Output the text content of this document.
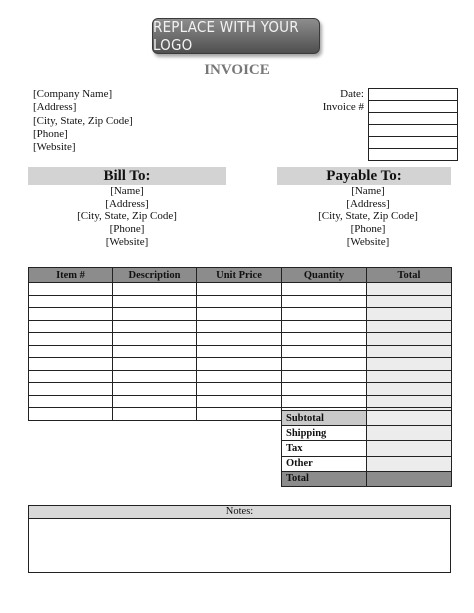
REPLACE WITH YOUR LOGO
INVOICE
[Company Name]
[Address]
[City, State, Zip Code]
[Phone]
[Website]
Date:
Invoice #
Bill To:	Payable To:
[Name]
[Address]
[City, State, Zip Code]
[Phone]
[Website]
[Name]
[Address]
[City, State, Zip Code]
[Phone]
[Website]
Item #	Description	Unit Price	Quantity	Total

Subtotal	
Shipping	
Tax	
Other	
Total	
Notes:
